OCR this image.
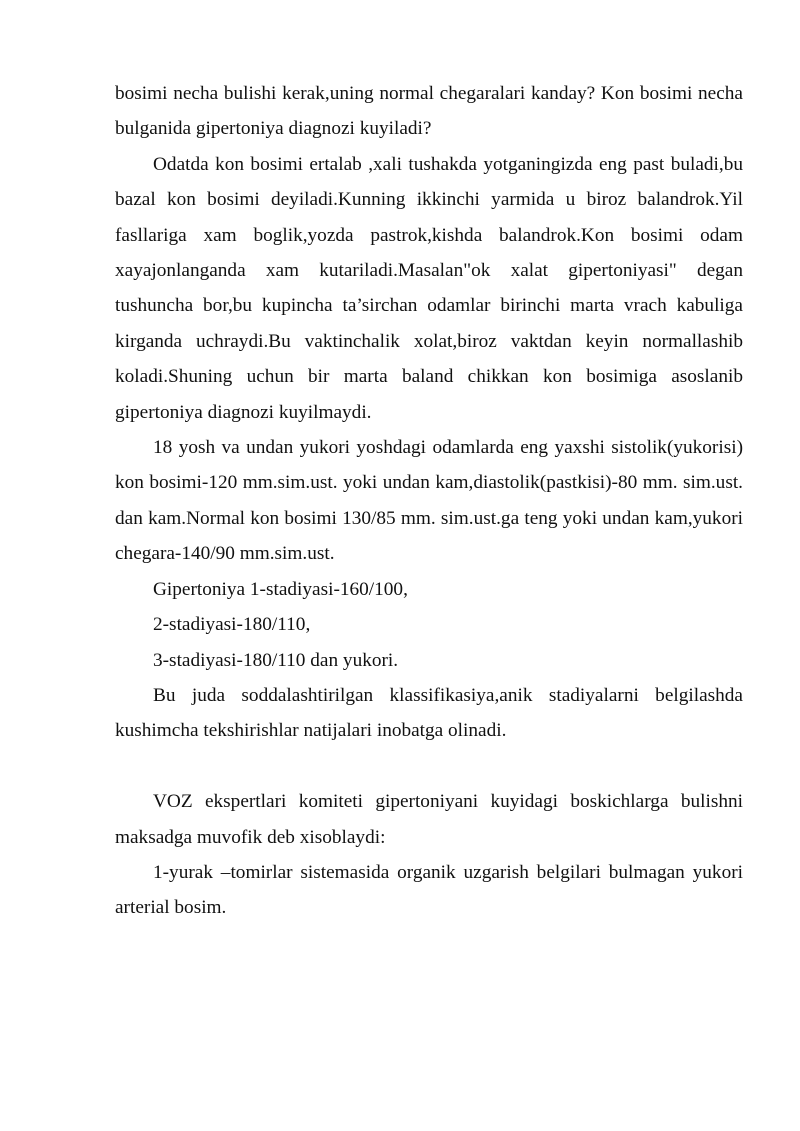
bosimi necha bulishi kerak,uning normal chegaralari kanday? Kon bosimi necha bulganida gipertoniya diagnozi kuyiladi?

Odatda kon bosimi ertalab ,xali tushakda yotganingizda eng past buladi,bu bazal kon bosimi deyiladi.Kunning ikkinchi yarmida u biroz balandrok.Yil fasllariga xam boglik,yozda pastrok,kishda balandrok.Kon bosimi odam xayajonlanganda xam kutariladi.Masalan"ok xalat gipertoniyasi" degan tushuncha bor,bu kupincha ta’sirchan odamlar birinchi marta vrach kabuliga kirganda uchraydi.Bu vaktinchalik xolat,biroz vaktdan keyin normallashib koladi.Shuning uchun bir marta baland chikkan kon bosimiga asoslanib gipertoniya diagnozi kuyilmaydi.

18 yosh va undan yukori yoshdagi odamlarda eng yaxshi sistolik(yukorisi) kon bosimi-120 mm.sim.ust. yoki undan kam,diastolik(pastkisi)-80 mm. sim.ust. dan kam.Normal kon bosimi 130/85 mm. sim.ust.ga teng yoki undan kam,yukori chegara-140/90 mm.sim.ust.

Gipertoniya 1-stadiyasi-160/100,

2-stadiyasi-180/110,

3-stadiyasi-180/110 dan yukori.

Bu juda soddalashtirilgan klassifikasiya,anik stadiyalarni belgilashda kushimcha tekshirishlar natijalari inobatga olinadi.

VOZ ekspertlari komiteti gipertoniyani kuyidagi boskichlarga bulishni maksadga muvofik deb xisoblaydi:

1-yurak –tomirlar sistemasida organik uzgarish belgilari bulmagan yukori arterial bosim.
